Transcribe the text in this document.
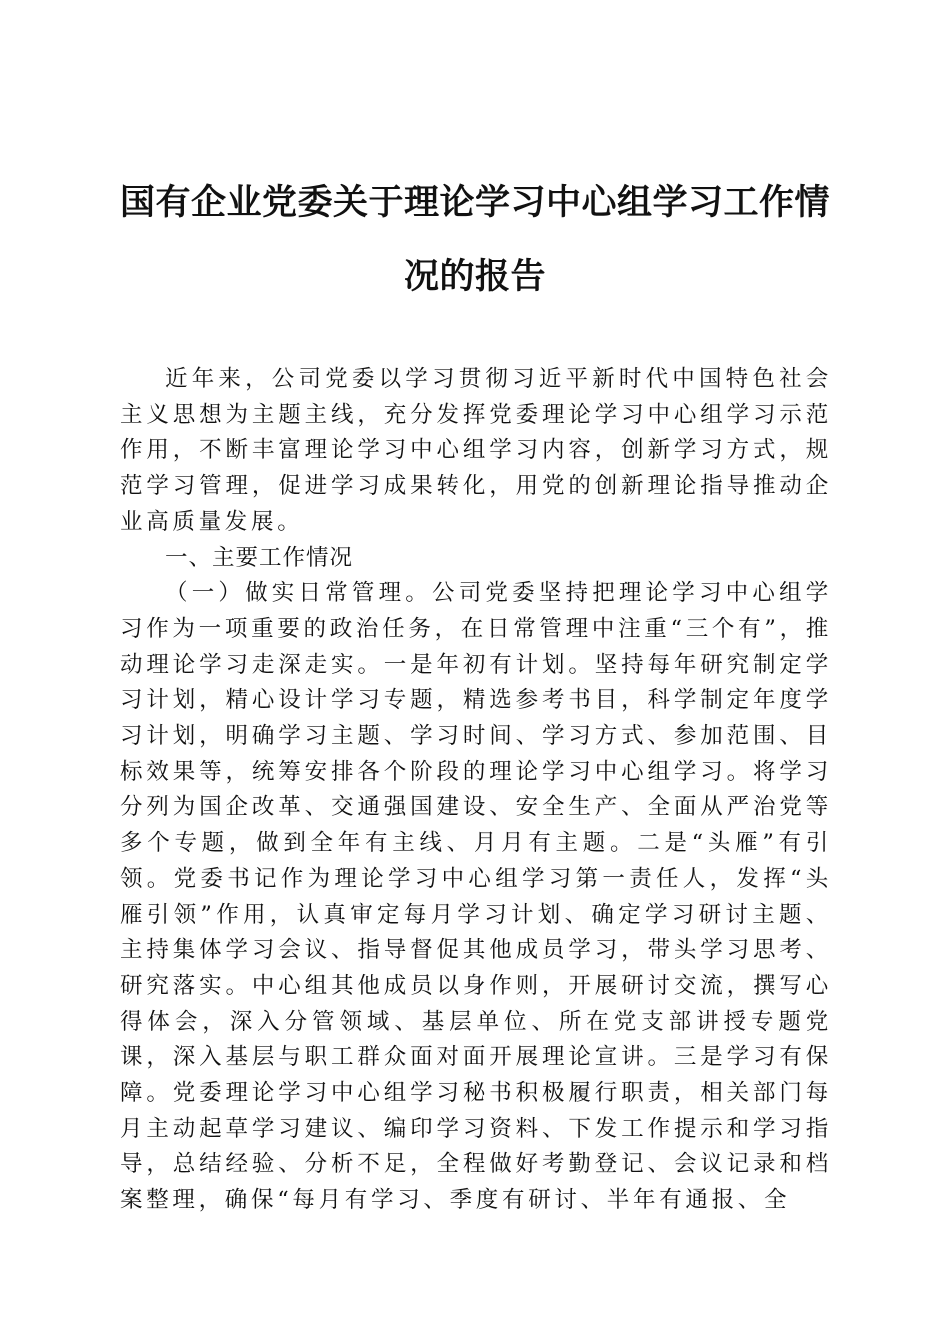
国有企业党委关于理论学习中心组学习工作情
况的报告

近年来，公司党委以学习贯彻习近平新时代中国特色社会主义思想为主题主线，充分发挥党委理论学习中心组学习示范作用，不断丰富理论学习中心组学习内容，创新学习方式，规范学习管理，促进学习成果转化，用党的创新理论指导推动企业高质量发展。

一、主要工作情况

（一）做实日常管理。公司党委坚持把理论学习中心组学习作为一项重要的政治任务，在日常管理中注重“三个有”，推动理论学习走深走实。一是年初有计划。坚持每年研究制定学习计划，精心设计学习专题，精选参考书目，科学制定年度学习计划，明确学习主题、学习时间、学习方式、参加范围、目标效果等，统筹安排各个阶段的理论学习中心组学习。将学习分列为国企改革、交通强国建设、安全生产、全面从严治党等多个专题，做到全年有主线、月月有主题。二是“头雁”有引领。党委书记作为理论学习中心组学习第一责任人，发挥“头雁引领”作用，认真审定每月学习计划、确定学习研讨主题、主持集体学习会议、指导督促其他成员学习，带头学习思考、研究落实。中心组其他成员以身作则，开展研讨交流，撰写心得体会，深入分管领域、基层单位、所在党支部讲授专题党课，深入基层与职工群众面对面开展理论宣讲。三是学习有保障。党委理论学习中心组学习秘书积极履行职责，相关部门每月主动起草学习建议、编印学习资料、下发工作提示和学习指导，总结经验、分析不足，全程做好考勤登记、会议记录和档案整理，确保“每月有学习、季度有研讨、半年有通报、全
